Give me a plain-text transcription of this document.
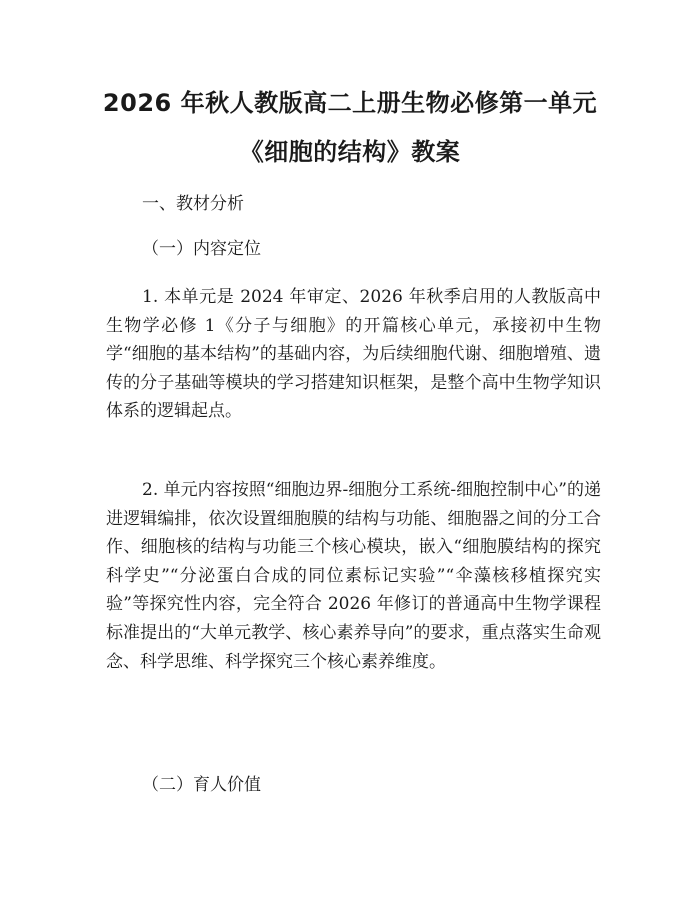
2026 年秋人教版高二上册生物必修第一单元
《细胞的结构》教案
一、教材分析
（一）内容定位

1. 本单元是 2024 年审定、2026 年秋季启用的人教版高中生物学必修 1《分子与细胞》的开篇核心单元，承接初中生物学“细胞的基本结构”的基础内容，为后续细胞代谢、细胞增殖、遗传的分子基础等模块的学习搭建知识框架，是整个高中生物学知识体系的逻辑起点。

2. 单元内容按照“细胞边界-细胞分工系统-细胞控制中心”的递进逻辑编排，依次设置细胞膜的结构与功能、细胞器之间的分工合作、细胞核的结构与功能三个核心模块，嵌入“细胞膜结构的探究科学史”“分泌蛋白合成的同位素标记实验”“伞藻核移植探究实验”等探究性内容，完全符合 2026 年修订的普通高中生物学课程标准提出的“大单元教学、核心素养导向”的要求，重点落实生命观念、科学思维、科学探究三个核心素养维度。

（二）育人价值
